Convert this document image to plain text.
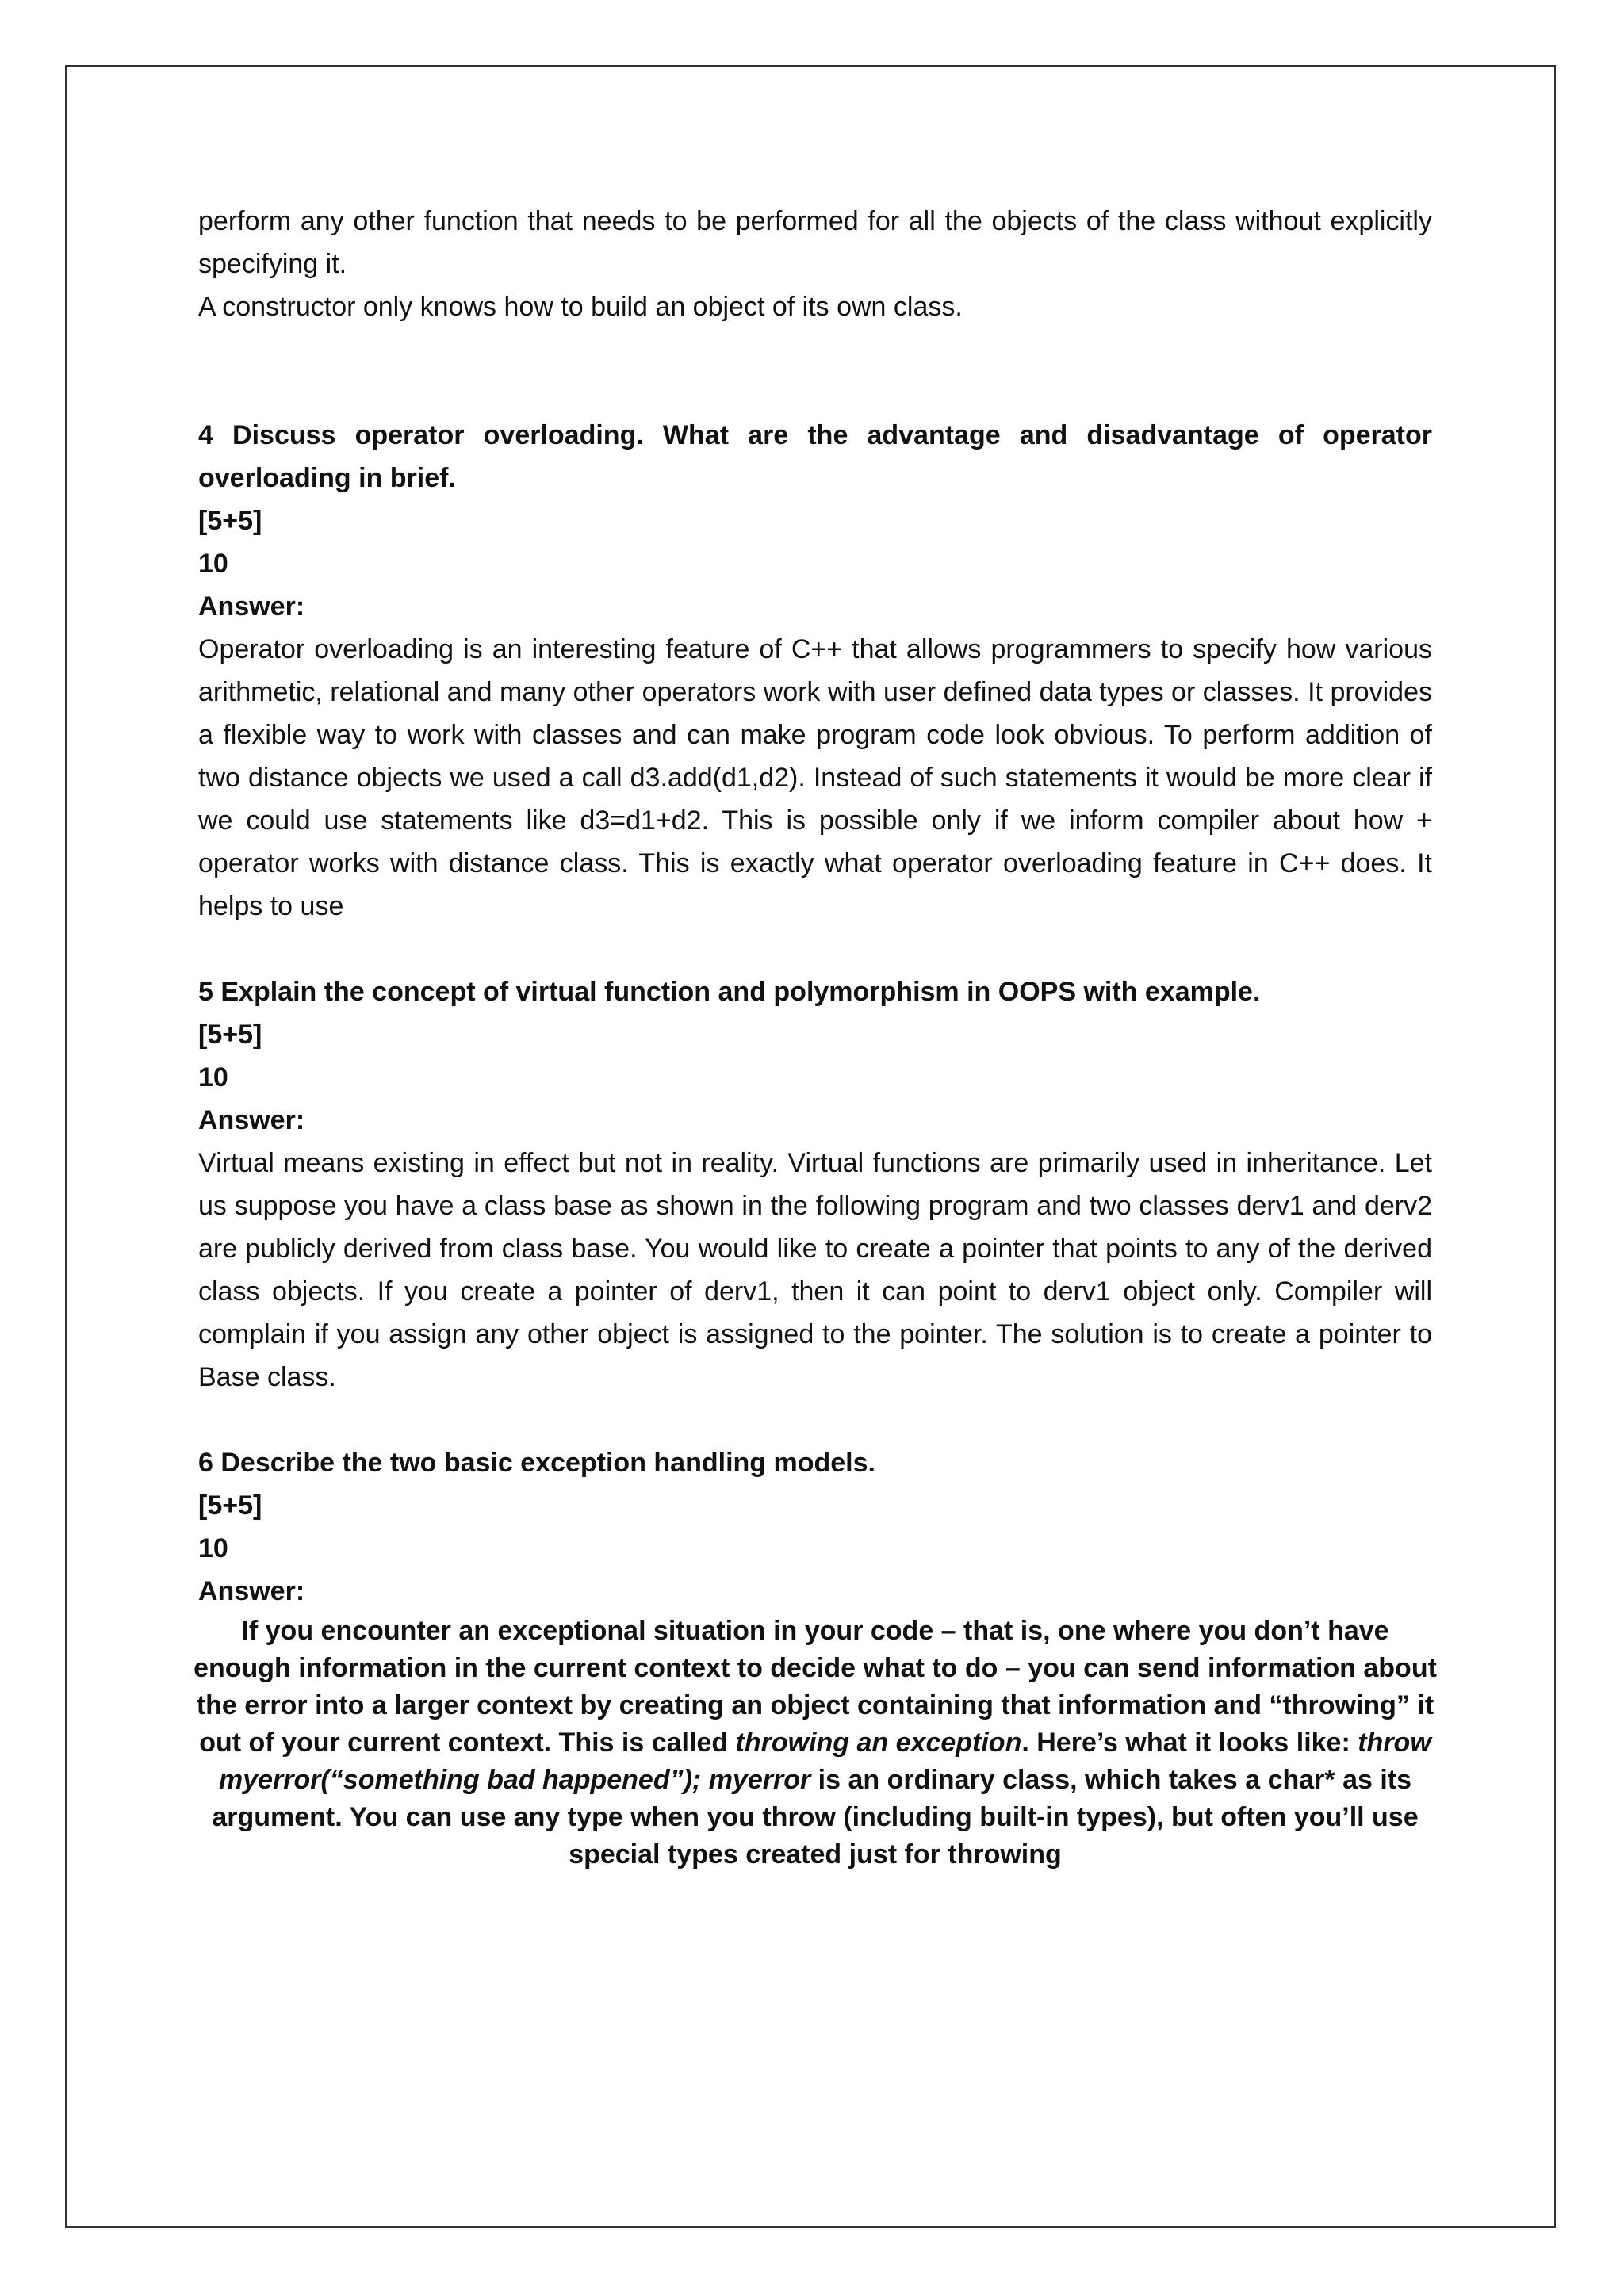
perform any other function that needs to be performed for all the objects of the class without explicitly specifying it.

A constructor only knows how to build an object of its own class.

4 Discuss operator overloading. What are the advantage and disadvantage of operator overloading in brief.

[5+5]

10

Answer:

Operator overloading is an interesting feature of C++ that allows programmers to specify how various arithmetic, relational and many other operators work with user defined data types or classes. It provides a flexible way to work with classes and can make program code look obvious. To perform addition of two distance objects we used a call d3.add(d1,d2). Instead of such statements it would be more clear if we could use statements like d3=d1+d2. This is possible only if we inform compiler about how + operator works with distance class. This is exactly what operator overloading feature in C++ does. It helps to use

5 Explain the concept of virtual function and polymorphism in OOPS with example.

[5+5]

10

Answer:

Virtual means existing in effect but not in reality. Virtual functions are primarily used in inheritance. Let us suppose you have a class base as shown in the following program and two classes derv1 and derv2 are publicly derived from class base. You would like to create a pointer that points to any of the derived class objects. If you create a pointer of derv1, then it can point to derv1 object only. Compiler will complain if you assign any other object is assigned to the pointer. The solution is to create a pointer to Base class.

6 Describe the two basic exception handling models.

[5+5]

10

Answer:

If you encounter an exceptional situation in your code – that is, one where you don’t have enough information in the current context to decide what to do – you can send information about the error into a larger context by creating an object containing that information and “throwing” it out of your current context. This is called throwing an exception. Here’s what it looks like: throw myerror(“something bad happened”); myerror is an ordinary class, which takes a char* as its argument. You can use any type when you throw (including built-in types), but often you’ll use special types created just for throwing
